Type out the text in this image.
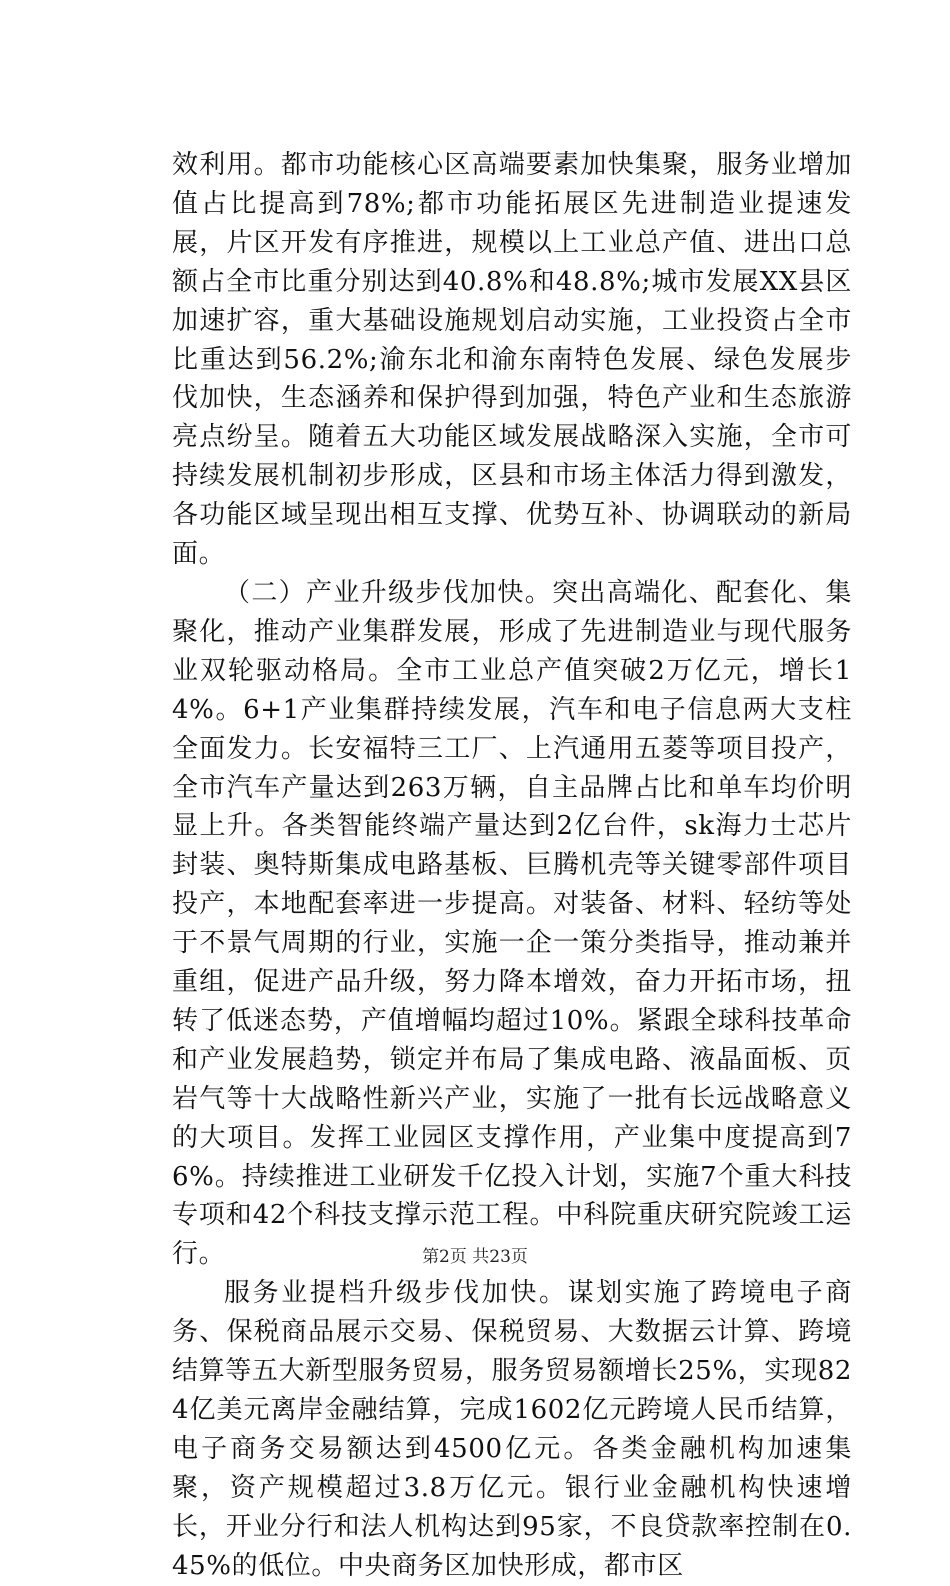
效利用。都市功能核心区高端要素加快集聚，服务业增加值占比提高到78%;都市功能拓展区先进制造业提速发展，片区开发有序推进，规模以上工业总产值、进出口总额占全市比重分别达到40.8%和48.8%;城市发展XX县区加速扩容，重大基础设施规划启动实施，工业投资占全市比重达到56.2%;渝东北和渝东南特色发展、绿色发展步伐加快，生态涵养和保护得到加强，特色产业和生态旅游亮点纷呈。随着五大功能区域发展战略深入实施，全市可持续发展机制初步形成，区县和市场主体活力得到激发，各功能区域呈现出相互支撑、优势互补、协调联动的新局面。

（二）产业升级步伐加快。突出高端化、配套化、集聚化，推动产业集群发展，形成了先进制造业与现代服务业双轮驱动格局。全市工业总产值突破2万亿元，增长14%。6+1产业集群持续发展，汽车和电子信息两大支柱全面发力。长安福特三工厂、上汽通用五菱等项目投产，全市汽车产量达到263万辆，自主品牌占比和单车均价明显上升。各类智能终端产量达到2亿台件，sk海力士芯片封装、奥特斯集成电路基板、巨腾机壳等关键零部件项目投产，本地配套率进一步提高。对装备、材料、轻纺等处于不景气周期的行业，实施一企一策分类指导，推动兼并重组，促进产品升级，努力降本增效，奋力开拓市场，扭转了低迷态势，产值增幅均超过10%。紧跟全球科技革命和产业发展趋势，锁定并布局了集成电路、液晶面板、页岩气等十大战略性新兴产业，实施了一批有长远战略意义的大项目。发挥工业园区支撑作用，产业集中度提高到76%。持续推进工业研发千亿投入计划，实施7个重大科技专项和42个科技支撑示范工程。中科院重庆研究院竣工运行。

服务业提档升级步伐加快。谋划实施了跨境电子商务、保税商品展示交易、保税贸易、大数据云计算、跨境结算等五大新型服务贸易，服务贸易额增长25%，实现824亿美元离岸金融结算，完成1602亿元跨境人民币结算，电子商务交易额达到4500亿元。各类金融机构加速集聚，资产规模超过3.8万亿元。银行业金融机构快速增长，开业分行和法人机构达到95家，不良贷款率控制在0.45%的低位。中央商务区加快形成，都市区

第2页 共23页
